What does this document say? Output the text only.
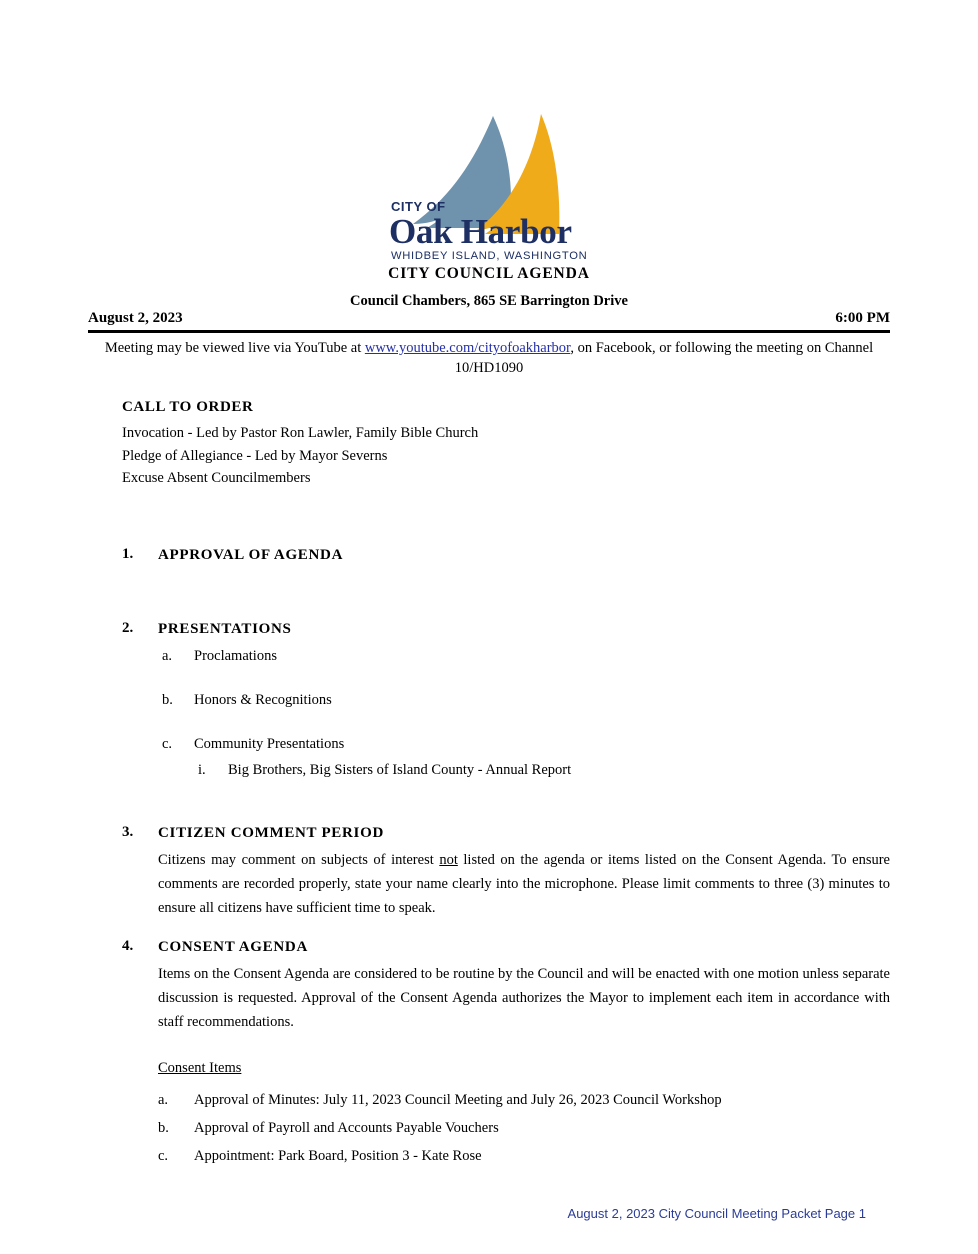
CITY OF
Oak Harbor
WHIDBEY ISLAND, WASHINGTON
CITY COUNCIL AGENDA
Council Chambers, 865 SE Barrington Drive
August 2, 2023	6:00 PM
Meeting may be viewed live via YouTube at www.youtube.com/cityofoakharbor, on Facebook, or following the meeting on Channel 10/HD1090
CALL TO ORDER
Invocation - Led by Pastor Ron Lawler, Family Bible Church
Pledge of Allegiance - Led by Mayor Severns
Excuse Absent Councilmembers
1. APPROVAL OF AGENDA
2. PRESENTATIONS
a. Proclamations
b. Honors & Recognitions
c. Community Presentations
i. Big Brothers, Big Sisters of Island County - Annual Report
3. CITIZEN COMMENT PERIOD
Citizens may comment on subjects of interest not listed on the agenda or items listed on the Consent Agenda. To ensure comments are recorded properly, state your name clearly into the microphone. Please limit comments to three (3) minutes to ensure all citizens have sufficient time to speak.
4. CONSENT AGENDA
Items on the Consent Agenda are considered to be routine by the Council and will be enacted with one motion unless separate discussion is requested. Approval of the Consent Agenda authorizes the Mayor to implement each item in accordance with staff recommendations.
Consent Items
a. Approval of Minutes: July 11, 2023 Council Meeting and July 26, 2023 Council Workshop
b. Approval of Payroll and Accounts Payable Vouchers
c. Appointment: Park Board, Position 3 - Kate Rose
August 2, 2023 City Council Meeting Packet Page 1
